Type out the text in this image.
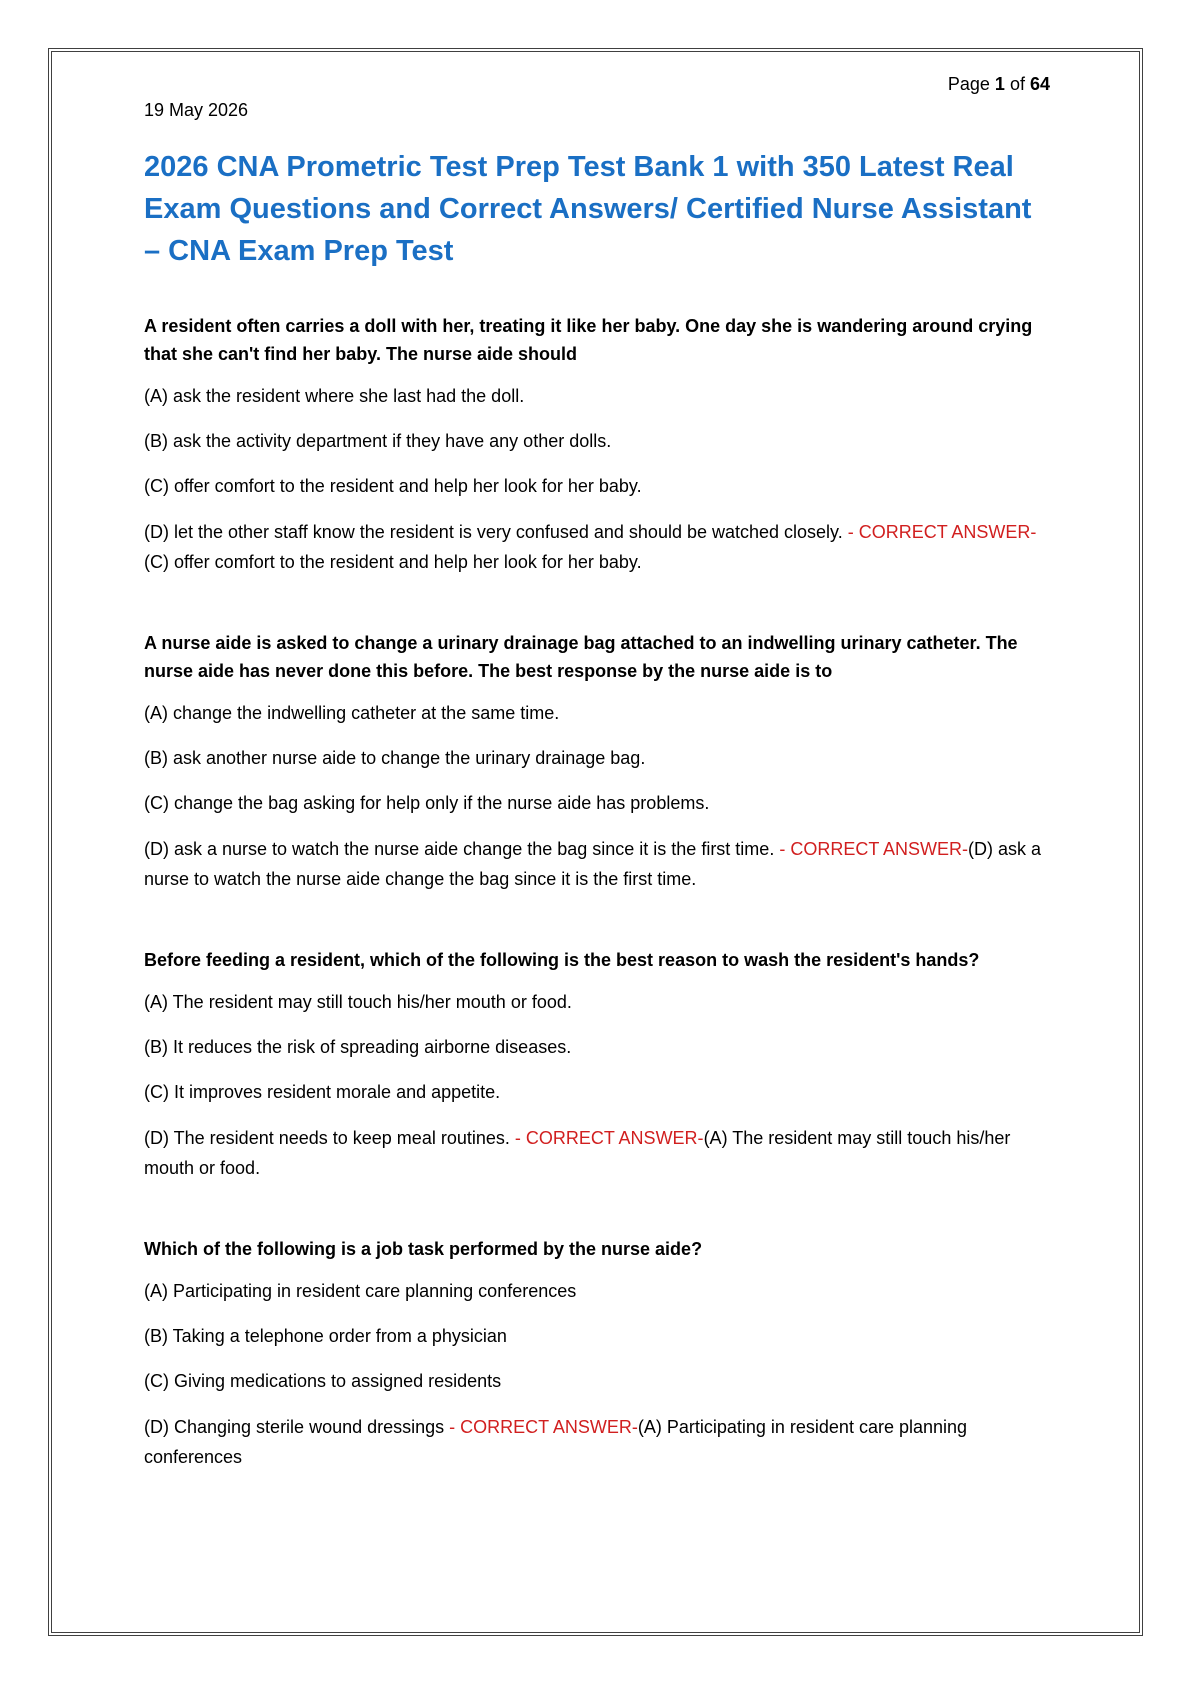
Page 1 of 64
19 May 2026
2026 CNA Prometric Test Prep Test Bank 1 with 350 Latest Real Exam Questions and Correct Answers/ Certified Nurse Assistant – CNA Exam Prep Test

A resident often carries a doll with her, treating it like her baby. One day she is wandering around crying that she can't find her baby. The nurse aide should

(A) ask the resident where she last had the doll.

(B) ask the activity department if they have any other dolls.

(C) offer comfort to the resident and help her look for her baby.

(D) let the other staff know the resident is very confused and should be watched closely. - CORRECT ANSWER-(C) offer comfort to the resident and help her look for her baby.

A nurse aide is asked to change a urinary drainage bag attached to an indwelling urinary catheter. The nurse aide has never done this before. The best response by the nurse aide is to

(A) change the indwelling catheter at the same time.

(B) ask another nurse aide to change the urinary drainage bag.

(C) change the bag asking for help only if the nurse aide has problems.

(D) ask a nurse to watch the nurse aide change the bag since it is the first time. - CORRECT ANSWER-(D) ask a nurse to watch the nurse aide change the bag since it is the first time.

Before feeding a resident, which of the following is the best reason to wash the resident's hands?

(A) The resident may still touch his/her mouth or food.

(B) It reduces the risk of spreading airborne diseases.

(C) It improves resident morale and appetite.

(D) The resident needs to keep meal routines. - CORRECT ANSWER-(A) The resident may still touch his/her mouth or food.

Which of the following is a job task performed by the nurse aide?

(A) Participating in resident care planning conferences

(B) Taking a telephone order from a physician

(C) Giving medications to assigned residents

(D) Changing sterile wound dressings - CORRECT ANSWER-(A) Participating in resident care planning conferences
